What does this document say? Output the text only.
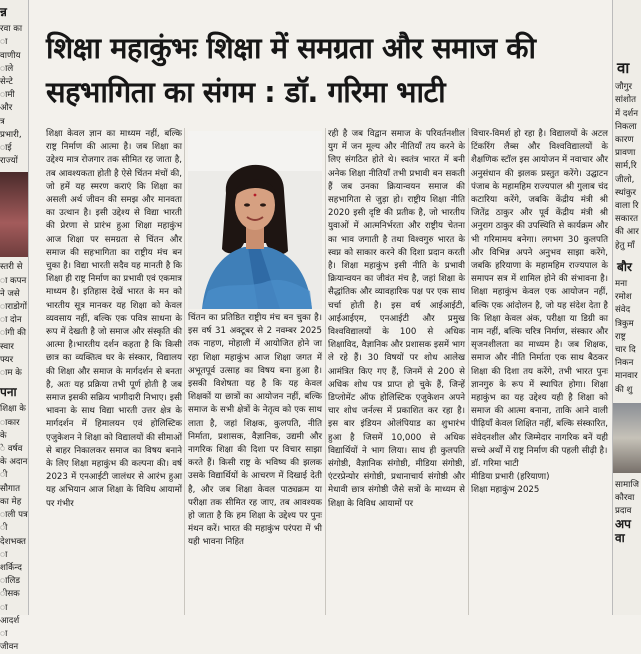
न्न
रवा का
ा वाणीय
ाले सेन्टे
ामी और
त्र प्रभारी,
ाई राज्यों
स्तरी से
ा कपन
ने जसे
ाराडोगों
ा दोन
ांगी की
स्वार
फ्यर
ाम के
पना
शिक्षा के
ाकार के
े वर्षव
के अदान
ी सौगात
का मेह
ाली पत्र
ी देशभक्त
ा शर्किन्द
ालिड
ीसक
ा आदर्श
ा जीवन
शिक्षा महाकुंभः शिक्षा में समग्रता और समाज की सहभागिता का संगम : डॉ. गरिमा भाटी

शिक्षा केवल ज्ञान का माध्यम नहीं, बल्कि राष्ट्र निर्माण की आत्मा है। जब शिक्षा का उद्देश्य मात्र रोजगार तक सीमित रह जाता है, तब आवश्यकता होती है ऐसे चिंतन मंचों की, जो हमें यह स्मरण कराएं कि शिक्षा का असली अर्थ जीवन की समझ और मानवता का उत्थान है। इसी उद्देश्य से विद्या भारती की प्रेरणा से प्रारंभ हुआ शिक्षा महाकुंभ आज शिक्षा पर समग्रता से चिंतन और समाज की सहभागिता का राष्ट्रीय मंच बन चुका है। विद्या भारती सदैव यह मानती है कि शिक्षा ही राष्ट्र निर्माण का प्रभावी एवं एकमात्र माध्यम है। इतिहास देखें भारत के मन को भारतीय सूत्र मानकर यह शिक्षा को केवल व्यवसाय नहीं, बल्कि एक पवित्र साधना के रूप में देखती है जो समाज और संस्कृति की आत्मा है।भारतीय दर्शन कहता है कि किसी छात्र का व्यक्तित्व घर के संस्कार, विद्यालय की शिक्षा और समाज के मार्गदर्शन से बनता है, अतः यह प्रक्रिया तभी पूर्ण होती है जब समाज इसकी सक्रिय भागीदारी निभाए। इसी भावना के साथ विद्या भारती उत्तर क्षेत्र के मार्गदर्शन में हिमालयन एवं होलिस्टिक एजुकेशन ने शिक्षा को विद्यालयों की सीमाओं से बाहर निकालकर समाज का विषय बनाने के लिए शिक्षा महाकुंभ की कल्पना की। वर्ष 2023 में एनआईटी जालंधर से आरंभ हुआ यह अभियान आज शिक्षा के विविध आयामों पर गंभीर

चिंतन का प्रतिष्ठित राष्ट्रीय मंच बन चुका है। इस वर्ष 31 अक्टूबर से 2 नवम्बर 2025 तक नाहण, मोहाली में आयोजित होने जा रहा शिक्षा महाकुंभ आज शिक्षा जगत में अभूतपूर्व उत्साह का विषय बना हुआ है। इसकी विशेषता यह है कि यह केवल शिक्षकों या छात्रों का आयोजन नहीं, बल्कि समाज के सभी क्षेत्रों के नेतृत्व को एक साथ लाता है, जहां शिक्षक, कुलपति, नीति निर्माता, प्रशासक, वैज्ञानिक, उद्यमी और नागरिक शिक्षा की दिशा पर विचार साझा करते हैं। किसी राष्ट्र के भविष्य की झलक उसके विद्यार्थियों के आचरण में दिखाई देती है, और जब शिक्षा केवल पाठ्यक्रम या परीक्षा तक सीमित रह जाए, तब आवश्यक हो जाता है कि हम शिक्षा के उद्देश्य पर पुनः मंथन करें। भारत की महाकुंभ परंपरा में भी यही भावना निहित

रही है जब विद्वान समाज के परिवर्तनशील युग में जन मूल्य और नीतियाँ तय करने के लिए संगठित होते थे। स्वतंत्र भारत में बनी अनेक शिक्षा नीतियाँ तभी प्रभावी बन सकती हैं जब उनका क्रियान्वयन समाज की सहभागिता से जुड़ा हो। राष्ट्रीय शिक्षा नीति 2020 इसी दृष्टि की प्रतीक है, जो भारतीय युवाओं में आत्मनिर्भरता और राष्ट्रीय चेतना का भाव जगाती है तथा विश्वगुरु भारत के स्वप्न को साकार करने की दिशा प्रदान करती है। शिक्षा महाकुंभ इसी नीति के प्रभावी क्रियान्वयन का जीवंत मंच है, जहां शिक्षा के सैद्धांतिक और व्यावहारिक पक्ष पर एक साथ चर्चा होती है। इस वर्ष आईआईटी, आईआईएम, एनआईटी और प्रमुख विश्वविद्यालयों के 100 से अधिक शिक्षाविद, वैज्ञानिक और प्रशासक इसमें भाग ले रहे हैं। 30 विषयों पर शोध आलेख आमंत्रित किए गए हैं, जिनमें से 200 से अधिक शोध पत्र प्राप्त हो चुके हैं, जिन्हें डिप्लोमेंट ऑफ होलिस्टिक एजुकेशन अपने चार शोध जर्नल्स में प्रकाशित कर रहा है। इस बार इंडियन ओलंपियाड का शुभारंभ हुआ है जिसमें 10,000 से अधिक विद्यार्थियों ने भाग लिया। साथ ही कुलपति संगोष्ठी, वैज्ञानिक संगोष्ठी, मीडिया संगोष्ठी, एंटरप्रेन्योर संगोष्ठी, प्रधानाचार्य संगोष्ठी और मेधावी छात्र संगोष्ठी जैसे सत्रों के माध्यम से शिक्षा के विविध आयामों पर

विचार-विमर्श हो रहा है। विद्यालयों के अटल टिंकरिंग लैब्स और विश्वविद्यालयों के शैक्षणिक स्टॉल इस आयोजन में नवाचार और अनुसंधान की झलक प्रस्तुत करेंगे। उद्घाटन पंजाब के महामहिम राज्यपाल श्री गुलाब चंद कटारिया करेंगे, जबकि केंद्रीय मंत्री श्री जितेंद्र ठाकुर और पूर्व केंद्रीय मंत्री श्री अनुराग ठाकुर की उपस्थिति से कार्यक्रम और भी गरिमामय बनेगा। लगभग 30 कुलपति और विभिन्न अपने अनुभव साझा करेंगे, जबकि हरियाणा के महामहिम राज्यपाल के समापन सत्र में शामिल होने की संभावना है। शिक्षा महाकुंभ केवल एक आयोजन नहीं, बल्कि एक आंदोलन है, जो यह संदेश देता है कि शिक्षा केवल अंक, परीक्षा या डिग्री का नाम नहीं, बल्कि चरित्र निर्माण, संस्कार और सृजनशीलता का माध्यम है। जब शिक्षक, समाज और नीति निर्माता एक साथ बैठकर शिक्षा की दिशा तय करेंगे, तभी भारत पुनः ज्ञानगुरु के रूप में स्थापित होगा। शिक्षा महाकुंभ का यह उद्देश्य यही है शिक्षा को समाज की आत्मा बनाना, ताकि आने वाली पीढ़ियाँ केवल शिक्षित नहीं, बल्कि संस्कारित, संवेदनशील और जिम्मेदार नागरिक बनें यही सच्चे अर्थों में राष्ट्र निर्माण की पहली सीढ़ी है।

डॉ. गरिमा भाटी
मीडिया प्रभारी (हरियाणा)
शिक्षा महाकुंभ 2025
वा
जौगुर
सांशोत
में दर्शन
निकला
कारण
प्रावणा
सार्म,रि
जीलो,
स्थांकुर
वाला रि
सकारत
की आर
हेतु माँ
बौर
मना
रमोश
संवेद
त्रिकुम
राष्ट्र
चार दि
निकन
मानवार
की शु
सामाजि
कौरवा
प्रदाव
अप
वा
